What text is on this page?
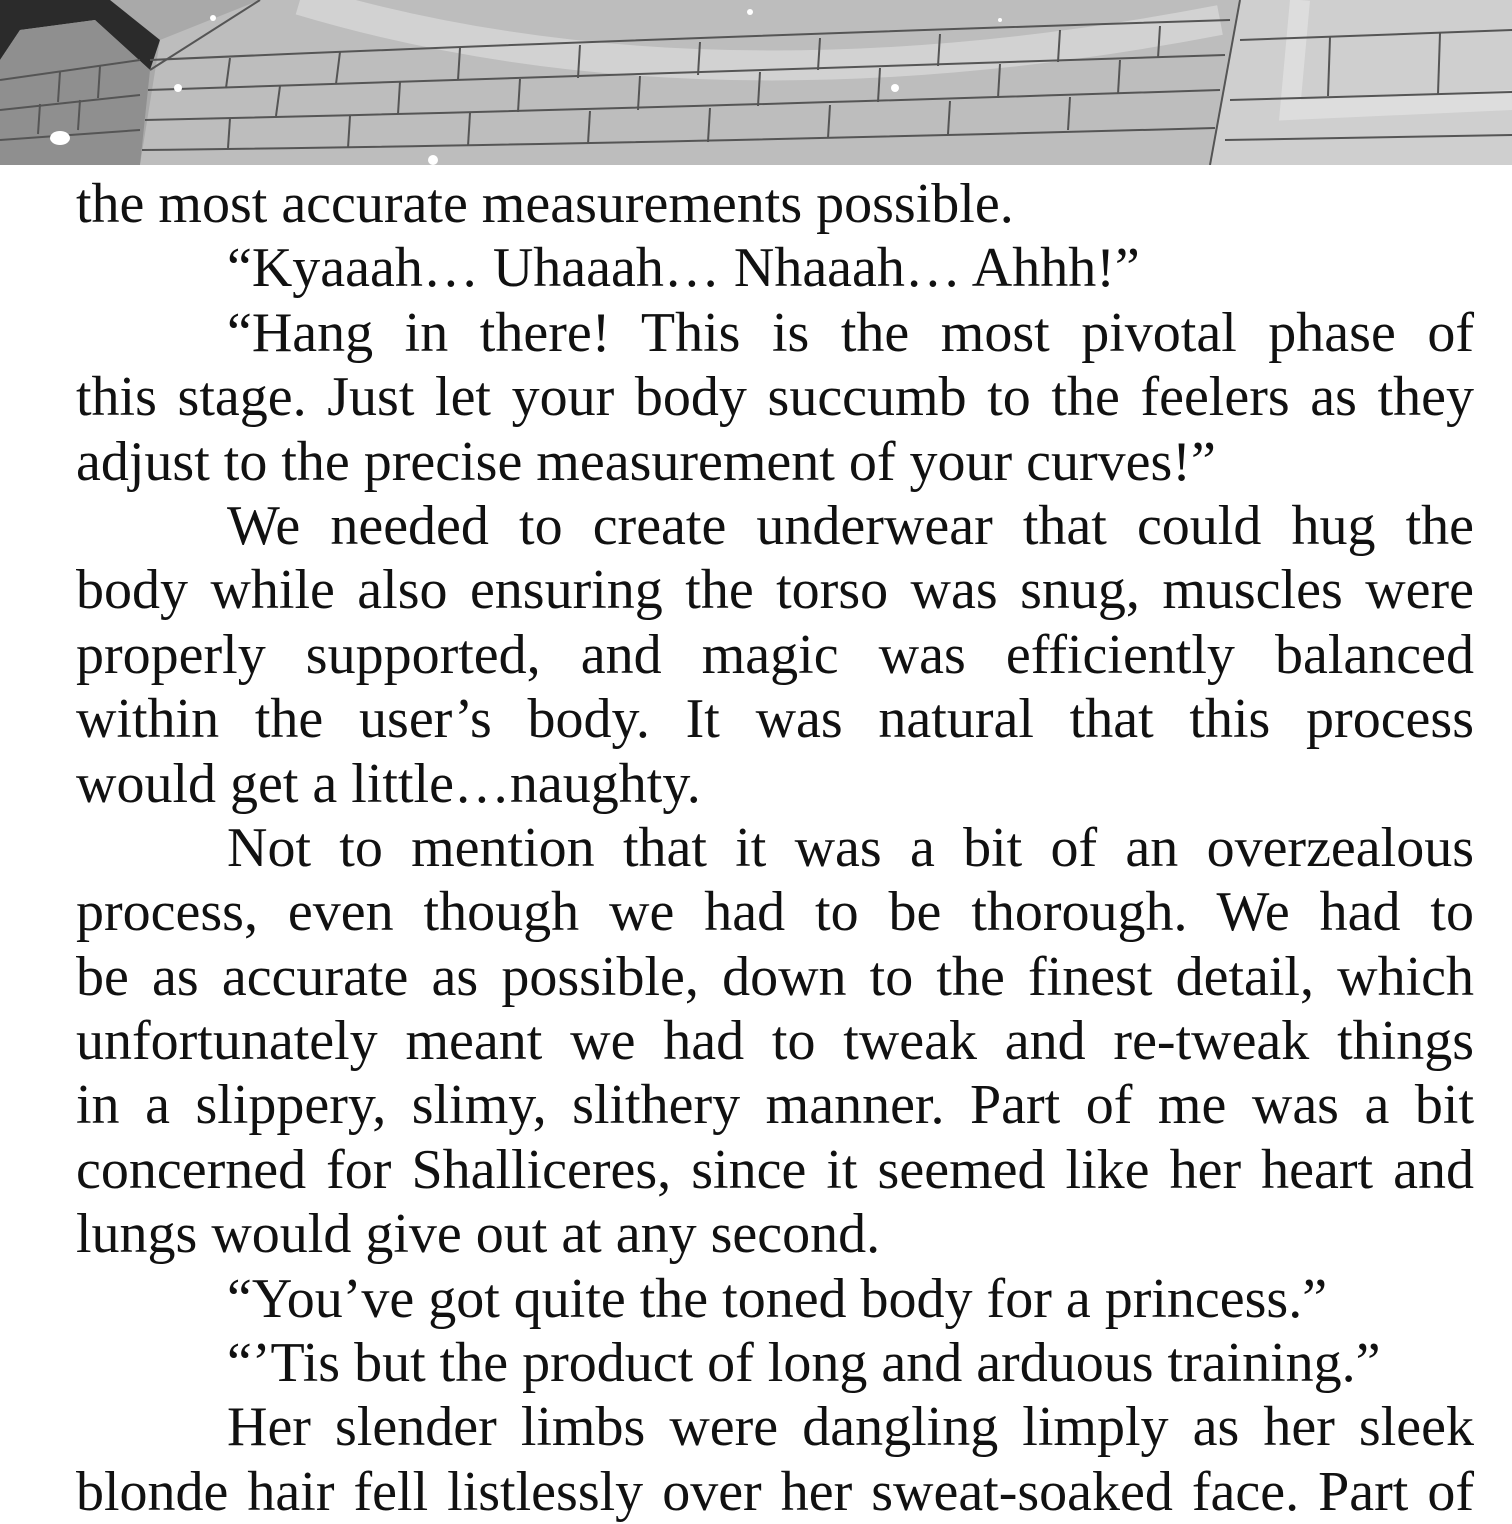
the most accurate measurements possible.
“Kyaaah… Uhaaah… Nhaaah… Ahhh!”
“Hang in there! This is the most pivotal phase of
this stage. Just let your body succumb to the feelers as they
adjust to the precise measurement of your curves!”
We needed to create underwear that could hug the
body while also ensuring the torso was snug, muscles were
properly supported, and magic was efficiently balanced
within the user’s body. It was natural that this process
would get a little…naughty.
Not to mention that it was a bit of an overzealous
process, even though we had to be thorough. We had to
be as accurate as possible, down to the finest detail, which
unfortunately meant we had to tweak and re-tweak things
in a slippery, slimy, slithery manner. Part of me was a bit
concerned for Shalliceres, since it seemed like her heart and
lungs would give out at any second.
“You’ve got quite the toned body for a princess.”
“’Tis but the product of long and arduous training.”
Her slender limbs were dangling limply as her sleek
blonde hair fell listlessly over her sweat-soaked face. Part of
